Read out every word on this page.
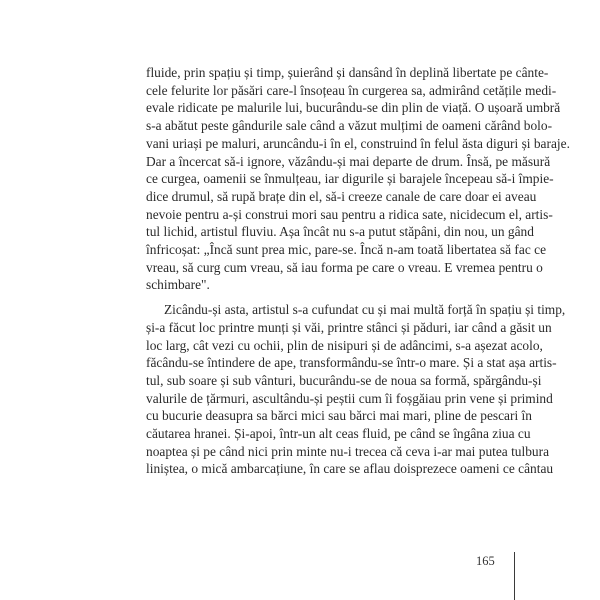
fluide, prin spațiu și timp, șuierând și dansând în deplină libertate pe cânte-
cele felurite lor păsări care-l însoțeau în curgerea sa, admirând cetățile medi-
evale ridicate pe malurile lui, bucurându-se din plin de viață. O ușoară umbră
s-a abătut peste gândurile sale când a văzut mulțimi de oameni cărând bolo-
vani uriași pe maluri, aruncându-i în el, construind în felul ăsta diguri și baraje.
Dar a încercat să-i ignore, văzându-și mai departe de drum. Însă, pe măsură
ce curgea, oamenii se înmulțeau, iar digurile și barajele începeau să-i împie-
dice drumul, să rupă brațe din el, să-i creeze canale de care doar ei aveau
nevoie pentru a-și construi mori sau pentru a ridica sate, nicidecum el, artis-
tul lichid, artistul fluviu. Așa încât nu s-a putut stăpâni, din nou, un gând
înfricoșat: „Încă sunt prea mic, pare-se. Încă n-am toată libertatea să fac ce
vreau, să curg cum vreau, să iau forma pe care o vreau. E vremea pentru o
schimbare".

Zicându-și asta, artistul s-a cufundat cu și mai multă forță în spațiu și timp,
și-a făcut loc printre munți și văi, printre stânci și păduri, iar când a găsit un
loc larg, cât vezi cu ochii, plin de nisipuri și de adâncimi, s-a așezat acolo,
făcându-se întindere de ape, transformându-se într-o mare. Și a stat așa artis-
tul, sub soare și sub vânturi, bucurându-se de noua sa formă, spărgându-și
valurile de țărmuri, ascultându-și peștii cum îi foșgăiau prin vene și primind
cu bucurie deasupra sa bărci mici sau bărci mai mari, pline de pescari în
căutarea hranei. Și-apoi, într-un alt ceas fluid, pe când se îngâna ziua cu
noaptea și pe când nici prin minte nu-i trecea că ceva i-ar mai putea tulbura
liniștea, o mică ambarcațiune, în care se aflau doisprezece oameni ce cântau

165
